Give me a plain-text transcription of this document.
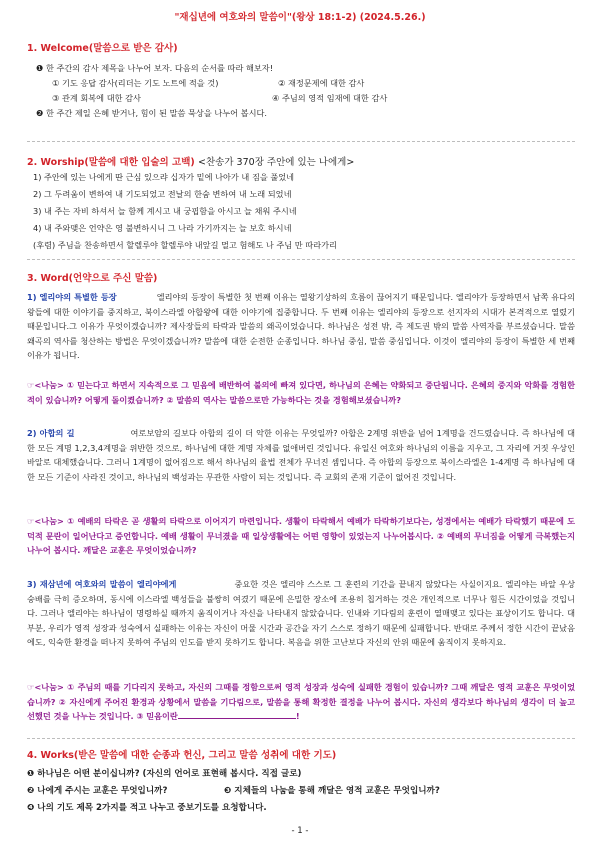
"재십년에 여호와의 말씀이"(왕상 18:1-2) (2024.5.26.)
1. Welcome(말씀으로 받은 감사)
❶ 한 주간의 감사 제목을 나누어 보자. 다음의 순서를 따라 해보자!
① 기도 응답 감사(리더는 기도 노트에 적을 것)	② 재정문제에 대한 감사
③ 관계 회복에 대한 감사	④ 주님의 영적 임재에 대한 감사
❷ 한 주간 제일 은혜 받거나, 힘이 된 말씀 묵상을 나누어 봅시다.
2. Worship(말씀에 대한 입술의 고백) <찬송가 370장 주안에 있는 나에게>
1) 주안에 있는 나에게 딴 근심 있으랴 십자가 밑에 나아가 내 짐을 풀었네
2) 그 두려움이 변하여 내 기도되었고 전날의 한숨 변하여 내 노래 되었네
3) 내 주는 자비 하셔서 늘 함께 계시고 내 궁핍함을 아시고 늘 채워 주시네
4) 내 주와맺은 언약은 영 불변하시니 그 나라 가기까지는 늘 보호 하시네
(후렴) 주님을 찬송하면서 할렐루야 할렐루야 내앞길 멀고 험해도 나 주님 만 따라가리
3. Word(언약으로 주신 말씀)
1) 엘리야의 특별한 등장	엘리야의 등장이 특별한 첫 번째 이유는 열왕기상하의 흐름이 끊어지기 때문입니다. 엘리야가 등장하면서 남쪽 유다의 왕들에 대한 이야기를 중지하고, 북이스라엘 아합왕에 대한 이야기에 집중합니다. 두 번째 이유는 엘리야의 등장으로 선지자의 시대가 본격적으로 열렸기 때문입니다.그 이유가 무엇이겠습니까? 제사장들의 타락과 말씀의 왜곡이었습니다. 하나님은 성전 밖, 즉 제도권 밖의 말씀 사역자를 부르셨습니다. 말씀 왜곡의 역사를 청산하는 방법은 무엇이겠습니까? 말씀에 대한 순전한 순종입니다. 하나님 중심, 말씀 중심입니다. 이것이 엘리야의 등장이 특별한 세 번째 이유가 됩니다.
☞<나눔> ① 믿는다고 하면서 지속적으로 그 믿음에 배반하여 불의에 빠져 있다면, 하나님의 은혜는 약화되고 중단됩니다. 은혜의 중지와 악화를 경험한 적이 있습니까? 어떻게 돌이켰습니까? ② 말씀의 역사는 말씀으로만 가능하다는 것을 경험해보셨습니까?
2) 아합의 길	여로보암의 길보다 아합의 길이 더 악한 이유는 무엇일까? 아합은 2계명 위반을 넘어 1계명을 건드렸습니다. 즉 하나님에 대한 모든 계명 1,2,3,4계명을 위반한 것으로, 하나님에 대한 계명 자체를 없애버린 것입니다. 유일신 여호와 하나님의 이름을 지우고, 그 자리에 거짓 우상인 바알로 대체했습니다. 그러니 1계명이 없어짐으로 해서 하나님의 율법 전체가 무너진 셈입니다. 즉 아합의 등장으로 북이스라엘은 1-4계명 즉 하나님에 대한 모든 기준이 사라진 것이고, 하나님의 백성과는 무관한 사람이 되는 것입니다. 즉 교회의 존재 기준이 없어진 것입니다.
☞<나눔> ① 예배의 타락은 곧 생활의 타락으로 이어지기 마련입니다. 생활이 타락해서 예배가 타락하기보다는, 성경에서는 예배가 타락했기 때문에 도덕적 문란이 일어난다고 증언합니다. 예배 생활이 무너졌을 때 일상생활에는 어떤 영향이 있었는지 나누어봅시다. ② 예배의 무너짐을 어떻게 극복했는지 나누어 봅시다. 깨달은 교훈은 무엇이었습니까?
3) 재삼년에 여호와의 말씀이 엘리야에게	중요한 것은 엘리야 스스로 그 훈련의 기간을 끝내지 않았다는 사실이지요. 엘리야는 바알 우상 숭배를 극히 증오하며, 동시에 이스라엘 백성들을 불쌍히 여겼기 때문에 은밀한 장소에 조용히 칩거하는 것은 개인적으로 너무나 힘든 시간이었을 것입니다. 그러나 엘리야는 하나님이 명령하실 때까지 움직이거나 자신을 나타내지 않았습니다. 인내와 기다림의 훈련이 열매맺고 있다는 표상이기도 합니다. 대부분, 우리가 영적 성장과 성숙에서 실패하는 이유는 자신이 머물 시간과 공간을 자기 스스로 정하기 때문에 실패합니다. 반대로 주께서 정한 시간이 끝났음에도, 익숙한 환경을 떠나지 못하여 주님의 인도를 받지 못하기도 합니다. 복음을 위한 고난보다 자신의 안위 때문에 움직이지 못하지요.
☞<나눔> ① 주님의 때를 기다리지 못하고, 자신의 그때를 정함으로써 영적 성장과 성숙에 실패한 경험이 있습니까? 그때 깨달은 영적 교훈은 무엇이었습니까? ② 자신에게 주어진 환경과 상황에서 말씀을 기다림으로, 말씀을 통해 확정한 결정을 나누어 봅시다. 자신의 생각보다 하나님의 생각이 더 높고 선했던 것을 나누는 것입니다. ③ 믿음이란	!
4. Works(받은 말씀에 대한 순종과 헌신, 그리고 말씀 성취에 대한 기도)
❶ 하나님은 어떤 분이십니까? (자신의 언어로 표현해 봅시다. 직접 글로)
❷ 나에게 주시는 교훈은 무엇입니까?	❸ 지체들의 나눔을 통해 깨달은 영적 교훈은 무엇입니까?
❹ 나의 기도 제목 2가지를 적고 나누고 중보기도를 요청합니다.
- 1 -
